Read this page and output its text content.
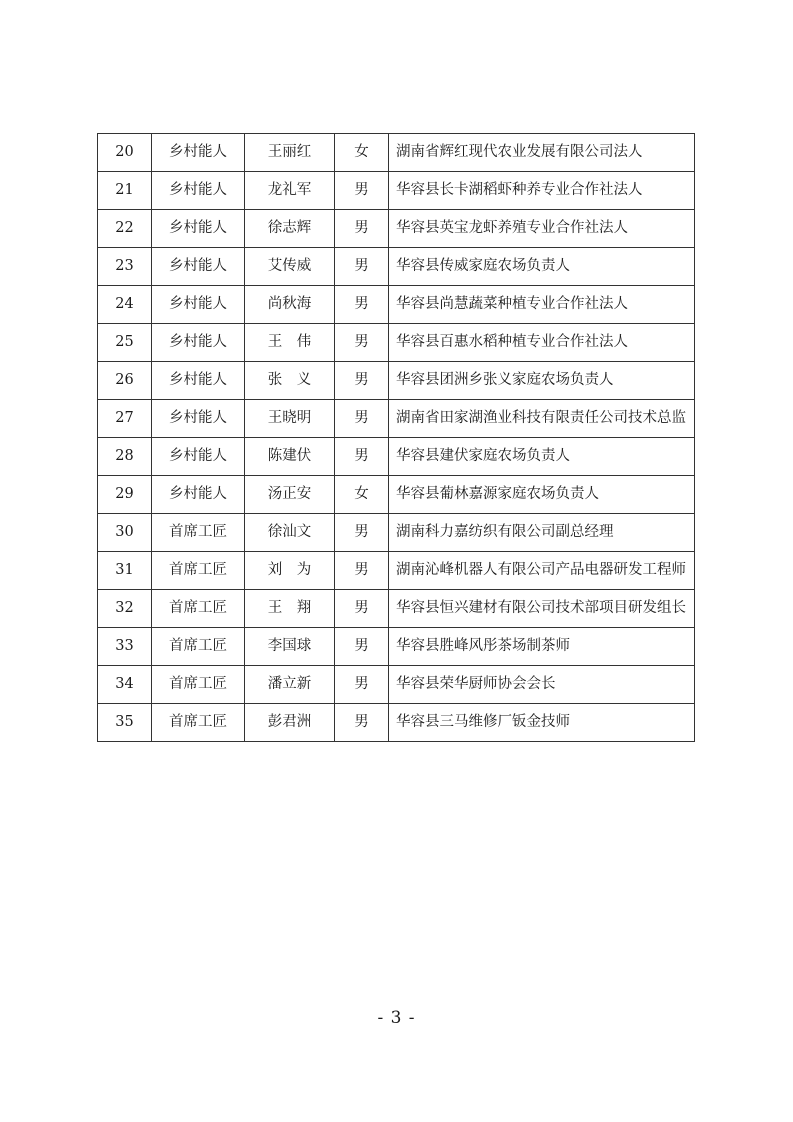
20	乡村能人	王丽红	女	湖南省辉红现代农业发展有限公司法人
21	乡村能人	龙礼军	男	华容县长卡湖稻虾种养专业合作社法人
22	乡村能人	徐志辉	男	华容县英宝龙虾养殖专业合作社法人
23	乡村能人	艾传威	男	华容县传威家庭农场负责人
24	乡村能人	尚秋海	男	华容县尚慧蔬菜种植专业合作社法人
25	乡村能人	王　伟	男	华容县百惠水稻种植专业合作社法人
26	乡村能人	张　义	男	华容县团洲乡张义家庭农场负责人
27	乡村能人	王晓明	男	湖南省田家湖渔业科技有限责任公司技术总监
28	乡村能人	陈建伏	男	华容县建伏家庭农场负责人
29	乡村能人	汤正安	女	华容县葡林嘉源家庭农场负责人
30	首席工匠	徐汕文	男	湖南科力嘉纺织有限公司副总经理
31	首席工匠	刘　为	男	湖南沁峰机器人有限公司产品电器研发工程师
32	首席工匠	王　翔	男	华容县恒兴建材有限公司技术部项目研发组长
33	首席工匠	李国球	男	华容县胜峰风彤茶场制茶师
34	首席工匠	潘立新	男	华容县荣华厨师协会会长
35	首席工匠	彭君洲	男	华容县三马维修厂钣金技师
- 3 -
